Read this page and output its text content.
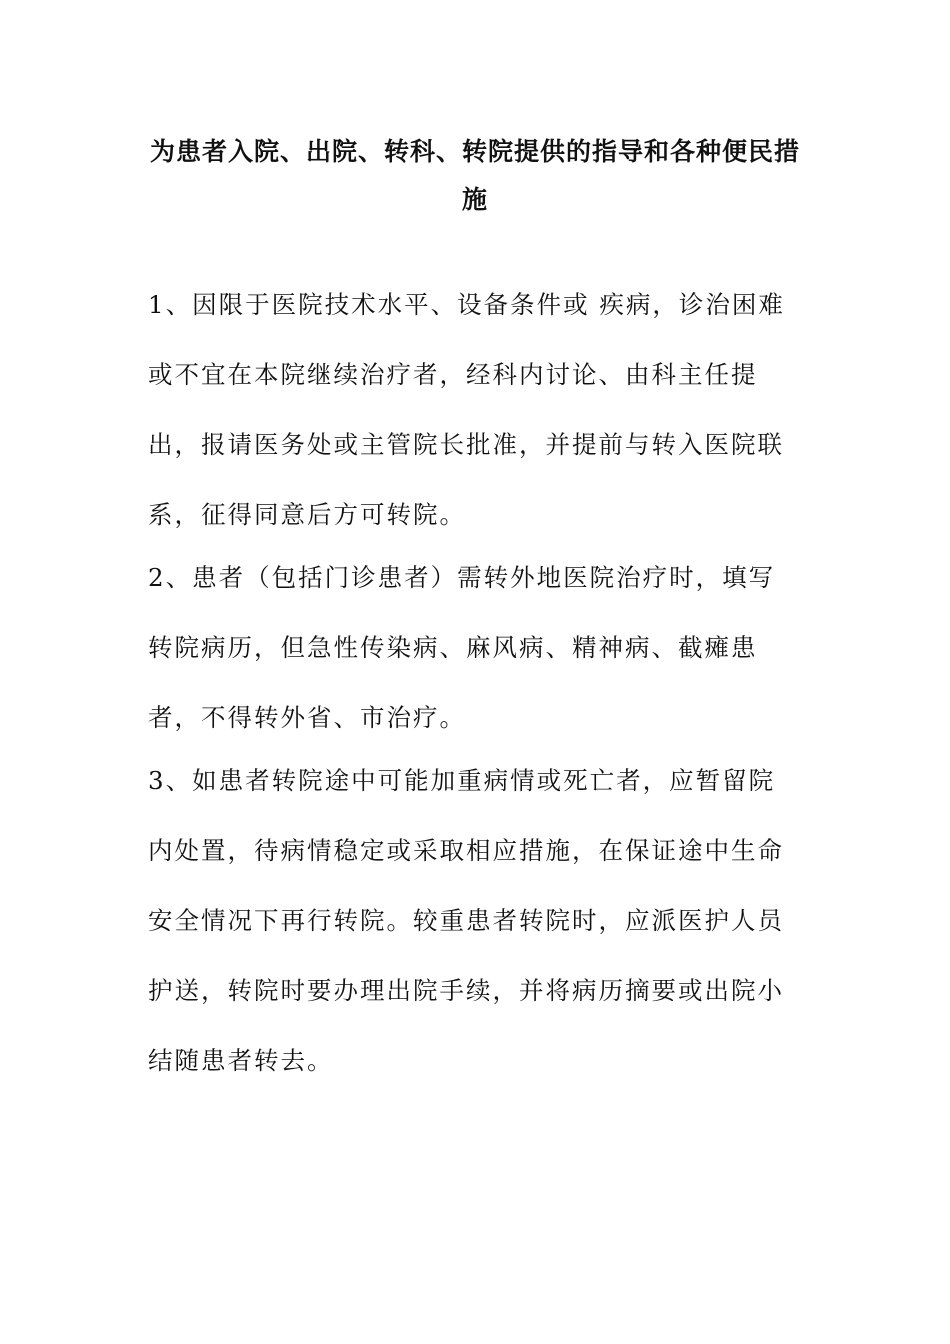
为患者入院、出院、转科、转院提供的指导和各种便民措施

1、因限于医院技术水平、设备条件或 疾病，诊治困难或不宜在本院继续治疗者，经科内讨论、由科主任提出，报请医务处或主管院长批准，并提前与转入医院联系，征得同意后方可转院。

2、患者（包括门诊患者）需转外地医院治疗时，填写转院病历，但急性传染病、麻风病、精神病、截瘫患者，不得转外省、市治疗。

3、如患者转院途中可能加重病情或死亡者，应暂留院内处置，待病情稳定或采取相应措施，在保证途中生命安全情况下再行转院。较重患者转院时，应派医护人员护送，转院时要办理出院手续，并将病历摘要或出院小结随患者转去。
